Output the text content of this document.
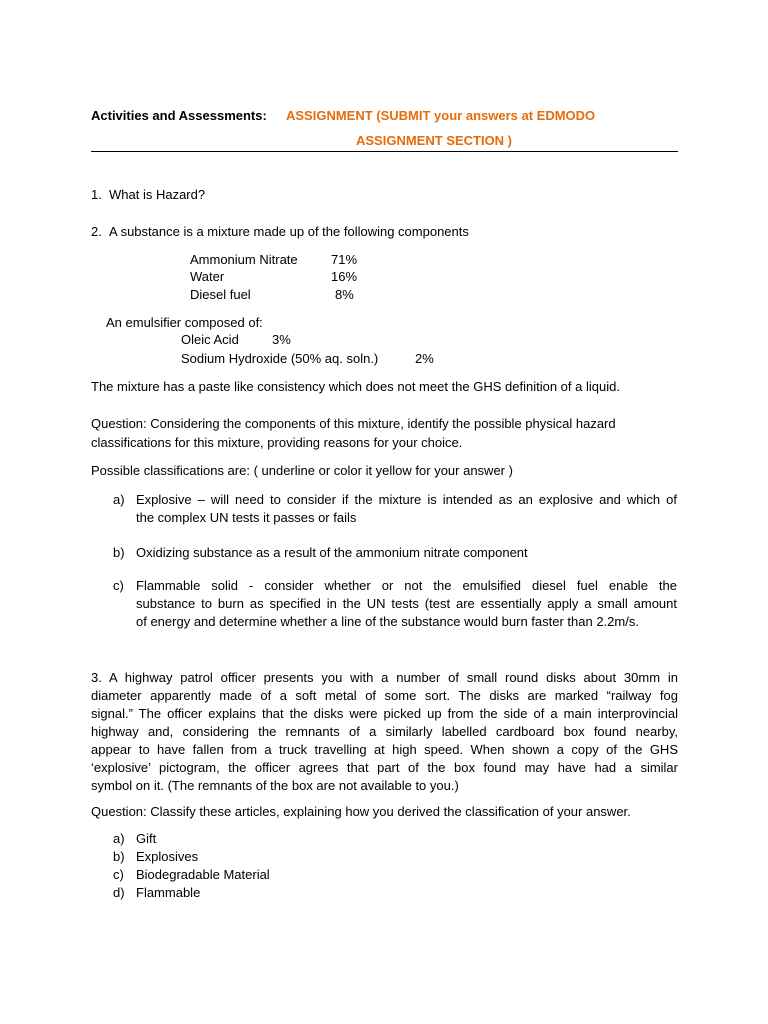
Activities and Assessments: ASSIGNMENT (SUBMIT your answers at EDMODO
ASSIGNMENT SECTION )
1. What is Hazard?
2. A substance is a mixture made up of the following components
Ammonium Nitrate	71%
Water	16%
Diesel fuel	8%
An emulsifier composed of:
Oleic Acid	3%
Sodium Hydroxide (50% aq. soln.)	2%
The mixture has a paste like consistency which does not meet the GHS definition of a liquid.
Question: Considering the components of this mixture, identify the possible physical hazard
classifications for this mixture, providing reasons for your choice.
Possible classifications are: ( underline or color it yellow for your answer )
a) Explosive – will need to consider if the mixture is intended as an explosive and which of

the complex UN tests it passes or fails

b) Oxidizing substance as a result of the ammonium nitrate component
c) Flammable solid - consider whether or not the emulsified diesel fuel enable the

substance to burn as specified in the UN tests (test are essentially apply a small amount

of energy and determine whether a line of the substance would burn faster than 2.2m/s.

3. A highway patrol officer presents you with a number of small round disks about 30mm in

diameter apparently made of a soft metal of some sort. The disks are marked “railway fog

signal.” The officer explains that the disks were picked up from the side of a main interprovincial

highway and, considering the remnants of a similarly labelled cardboard box found nearby,

appear to have fallen from a truck travelling at high speed. When shown a copy of the GHS

‘explosive’ pictogram, the officer agrees that part of the box found may have had a similar

symbol on it. (The remnants of the box are not available to you.)

Question: Classify these articles, explaining how you derived the classification of your answer.
a) Gift
b) Explosives
c) Biodegradable Material
d) Flammable
